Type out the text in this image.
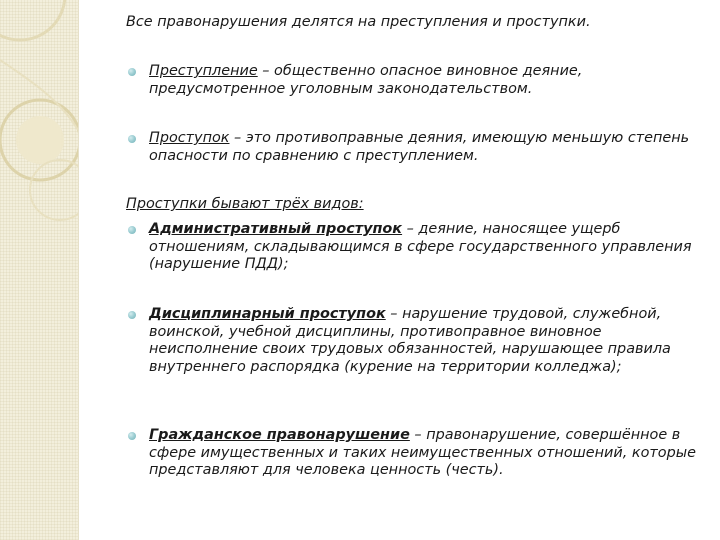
Все правонарушения делятся на преступления и проступки.

Преступление – общественно опасное виновное деяние, предусмотренное уголовным законодательством.
Проступок – это противоправные деяния, имеющую меньшую степень опасности по сравнению с преступлением.

Проступки бывают трёх видов:

Административный проступок – деяние, наносящее ущерб отношениям, складывающимся в сфере государственного управления (нарушение ПДД);
Дисциплинарный проступок – нарушение трудовой, служебной, воинской, учебной дисциплины, противоправное виновное неисполнение своих трудовых обязанностей, нарушающее правила внутреннего распорядка (курение на территории колледжа);
Гражданское правонарушение – правонарушение, совершённое в сфере имущественных и таких неимущественных отношений, которые представляют для человека ценность (честь).
